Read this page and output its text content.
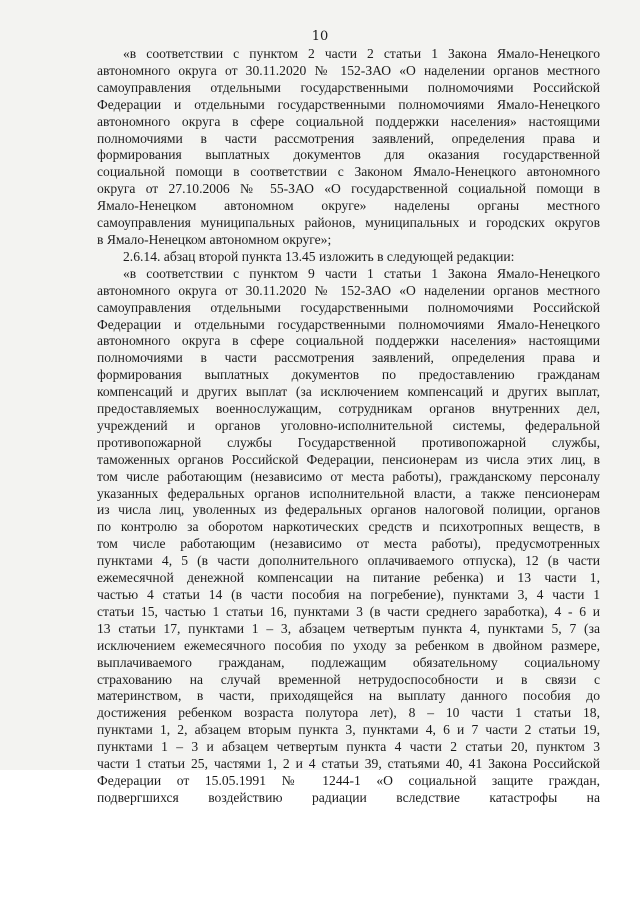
10

«в соответствии с пунктом 2 части 2 статьи 1 Закона Ямало-Ненецкого

автономного округа от 30.11.2020 № 152-ЗАО «О наделении органов местного

самоуправления отдельными государственными полномочиями Российской

Федерации и отдельными государственными полномочиями Ямало-Ненецкого

автономного округа в сфере социальной поддержки населения» настоящими

полномочиями в части рассмотрения заявлений, определения права и

формирования выплатных документов для оказания государственной

социальной помощи в соответствии с Законом Ямало-Ненецкого автономного

округа от 27.10.2006 № 55-ЗАО «О государственной социальной помощи в

Ямало-Ненецком автономном округе» наделены органы местного

самоуправления муниципальных районов, муниципальных и городских округов

в Ямало-Ненецком автономном округе»;

2.6.14. абзац второй пункта 13.45 изложить в следующей редакции:

«в соответствии с пунктом 9 части 1 статьи 1 Закона Ямало-Ненецкого

автономного округа от 30.11.2020 № 152-ЗАО «О наделении органов местного

самоуправления отдельными государственными полномочиями Российской

Федерации и отдельными государственными полномочиями Ямало-Ненецкого

автономного округа в сфере социальной поддержки населения» настоящими

полномочиями в части рассмотрения заявлений, определения права и

формирования выплатных документов по предоставлению гражданам

компенсаций и других выплат (за исключением компенсаций и других выплат,

предоставляемых военнослужащим, сотрудникам органов внутренних дел,

учреждений и органов уголовно-исполнительной системы, федеральной

противопожарной службы Государственной противопожарной службы,

таможенных органов Российской Федерации, пенсионерам из числа этих лиц, в

том числе работающим (независимо от места работы), гражданскому персоналу

указанных федеральных органов исполнительной власти, а также пенсионерам

из числа лиц, уволенных из федеральных органов налоговой полиции, органов

по контролю за оборотом наркотических средств и психотропных веществ, в

том числе работающим (независимо от места работы), предусмотренных

пунктами 4, 5 (в части дополнительного оплачиваемого отпуска), 12 (в части

ежемесячной денежной компенсации на питание ребенка) и 13 части 1,

частью 4 статьи 14 (в части пособия на погребение), пунктами 3, 4 части 1

статьи 15, частью 1 статьи 16, пунктами 3 (в части среднего заработка), 4 - 6 и

13 статьи 17, пунктами 1 – 3, абзацем четвертым пункта 4, пунктами 5, 7 (за

исключением ежемесячного пособия по уходу за ребенком в двойном размере,

выплачиваемого гражданам, подлежащим обязательному социальному

страхованию на случай временной нетрудоспособности и в связи с

материнством, в части, приходящейся на выплату данного пособия до

достижения ребенком возраста полутора лет), 8 – 10 части 1 статьи 18,

пунктами 1, 2, абзацем вторым пункта 3, пунктами 4, 6 и 7 части 2 статьи 19,

пунктами 1 – 3 и абзацем четвертым пункта 4 части 2 статьи 20, пунктом 3

части 1 статьи 25, частями 1, 2 и 4 статьи 39, статьями 40, 41 Закона Российской

Федерации от 15.05.1991 № 1244-1 «О социальной защите граждан,

подвергшихся воздействию радиации вследствие катастрофы на
